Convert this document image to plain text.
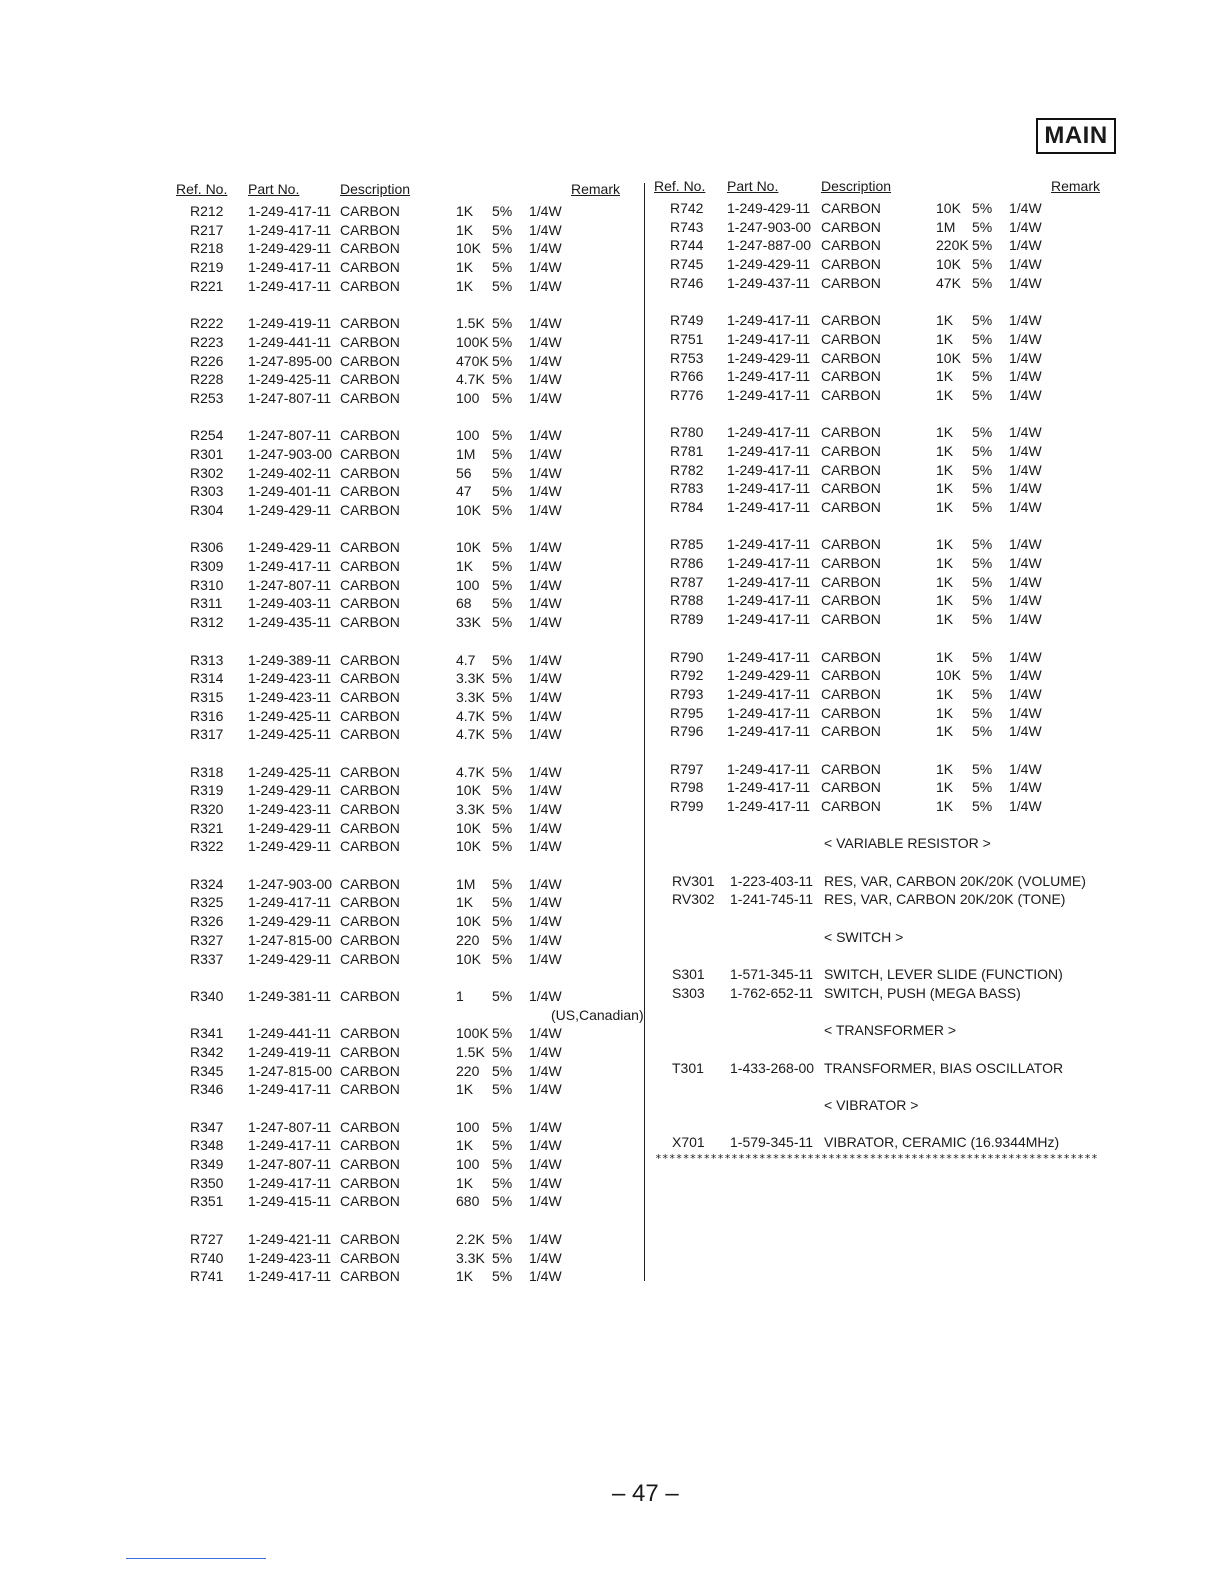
MAIN
Ref. No. Part No.	Description	Remark
R212 1-249-417-11 CARBON	1K 5% 1/4W
R217 1-249-417-11 CARBON	1K 5% 1/4W
R218 1-249-429-11 CARBON	10K 5% 1/4W
R219 1-249-417-11 CARBON	1K 5% 1/4W
R221 1-249-417-11 CARBON	1K 5% 1/4W
R222 1-249-419-11 CARBON	1.5K 5% 1/4W
R223 1-249-441-11 CARBON	100K 5% 1/4W
R226 1-247-895-00 CARBON	470K 5% 1/4W
R228 1-249-425-11 CARBON	4.7K 5% 1/4W
R253 1-247-807-11 CARBON	100 5% 1/4W
R254 1-247-807-11 CARBON	100 5% 1/4W
R301 1-247-903-00 CARBON	1M 5% 1/4W
R302 1-249-402-11 CARBON	56 5% 1/4W
R303 1-249-401-11 CARBON	47 5% 1/4W
R304 1-249-429-11 CARBON	10K 5% 1/4W
R306 1-249-429-11 CARBON	10K 5% 1/4W
R309 1-249-417-11 CARBON	1K 5% 1/4W
R310 1-247-807-11 CARBON	100 5% 1/4W
R311 1-249-403-11 CARBON	68 5% 1/4W
R312 1-249-435-11 CARBON	33K 5% 1/4W
R313 1-249-389-11 CARBON	4.7 5% 1/4W
R314 1-249-423-11 CARBON	3.3K 5% 1/4W
R315 1-249-423-11 CARBON	3.3K 5% 1/4W
R316 1-249-425-11 CARBON	4.7K 5% 1/4W
R317 1-249-425-11 CARBON	4.7K 5% 1/4W
R318 1-249-425-11 CARBON	4.7K 5% 1/4W
R319 1-249-429-11 CARBON	10K 5% 1/4W
R320 1-249-423-11 CARBON	3.3K 5% 1/4W
R321 1-249-429-11 CARBON	10K 5% 1/4W
R322 1-249-429-11 CARBON	10K 5% 1/4W
R324 1-247-903-00 CARBON	1M 5% 1/4W
R325 1-249-417-11 CARBON	1K 5% 1/4W
R326 1-249-429-11 CARBON	10K 5% 1/4W
R327 1-247-815-00 CARBON	220 5% 1/4W
R337 1-249-429-11 CARBON	10K 5% 1/4W
R340 1-249-381-11 CARBON	1 5% 1/4W
(US,Canadian)
R341 1-249-441-11 CARBON	100K 5% 1/4W
R342 1-249-419-11 CARBON	1.5K 5% 1/4W
R345 1-247-815-00 CARBON	220 5% 1/4W
R346 1-249-417-11 CARBON	1K 5% 1/4W
R347 1-247-807-11 CARBON	100 5% 1/4W
R348 1-249-417-11 CARBON	1K 5% 1/4W
R349 1-247-807-11 CARBON	100 5% 1/4W
R350 1-249-417-11 CARBON	1K 5% 1/4W
R351 1-249-415-11 CARBON	680 5% 1/4W
R727 1-249-421-11 CARBON	2.2K 5% 1/4W
R740 1-249-423-11 CARBON	3.3K 5% 1/4W
R741 1-249-417-11 CARBON	1K 5% 1/4W
Ref. No. Part No.	Description	Remark
R742 1-249-429-11 CARBON	10K 5% 1/4W
R743 1-247-903-00 CARBON	1M 5% 1/4W
R744 1-247-887-00 CARBON	220K 5% 1/4W
R745 1-249-429-11 CARBON	10K 5% 1/4W
R746 1-249-437-11 CARBON	47K 5% 1/4W
R749 1-249-417-11 CARBON	1K 5% 1/4W
R751 1-249-417-11 CARBON	1K 5% 1/4W
R753 1-249-429-11 CARBON	10K 5% 1/4W
R766 1-249-417-11 CARBON	1K 5% 1/4W
R776 1-249-417-11 CARBON	1K 5% 1/4W
R780 1-249-417-11 CARBON	1K 5% 1/4W
R781 1-249-417-11 CARBON	1K 5% 1/4W
R782 1-249-417-11 CARBON	1K 5% 1/4W
R783 1-249-417-11 CARBON	1K 5% 1/4W
R784 1-249-417-11 CARBON	1K 5% 1/4W
R785 1-249-417-11 CARBON	1K 5% 1/4W
R786 1-249-417-11 CARBON	1K 5% 1/4W
R787 1-249-417-11 CARBON	1K 5% 1/4W
R788 1-249-417-11 CARBON	1K 5% 1/4W
R789 1-249-417-11 CARBON	1K 5% 1/4W
R790 1-249-417-11 CARBON	1K 5% 1/4W
R792 1-249-429-11 CARBON	10K 5% 1/4W
R793 1-249-417-11 CARBON	1K 5% 1/4W
R795 1-249-417-11 CARBON	1K 5% 1/4W
R796 1-249-417-11 CARBON	1K 5% 1/4W
R797 1-249-417-11 CARBON	1K 5% 1/4W
R798 1-249-417-11 CARBON	1K 5% 1/4W
R799 1-249-417-11 CARBON	1K 5% 1/4W
< VARIABLE RESISTOR >
RV301 1-223-403-11 RES, VAR, CARBON 20K/20K (VOLUME)
RV302 1-241-745-11 RES, VAR, CARBON 20K/20K (TONE)
< SWITCH >
S301 1-571-345-11 SWITCH, LEVER SLIDE (FUNCTION)
S303 1-762-652-11 SWITCH, PUSH (MEGA BASS)
< TRANSFORMER >
T301 1-433-268-00 TRANSFORMER, BIAS OSCILLATOR
< VIBRATOR >
X701 1-579-345-11 VIBRATOR, CERAMIC (16.9344MHz)
****************************************************************
– 47 –
